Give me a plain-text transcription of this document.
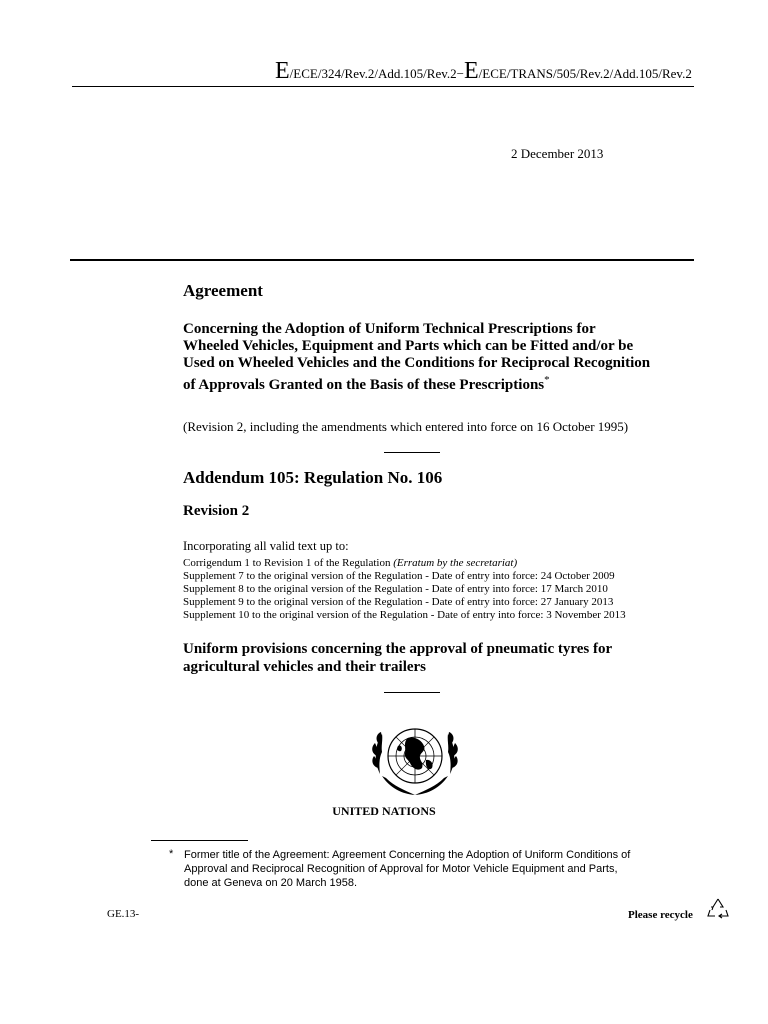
E/ECE/324/Rev.2/Add.105/Rev.2−E/ECE/TRANS/505/Rev.2/Add.105/Rev.2
2 December 2013
Agreement
Concerning the Adoption of Uniform Technical Prescriptions for Wheeled Vehicles, Equipment and Parts which can be Fitted and/or be Used on Wheeled Vehicles and the Conditions for Reciprocal Recognition of Approvals Granted on the Basis of these Prescriptions*
(Revision 2, including the amendments which entered into force on 16 October 1995)
Addendum 105: Regulation No. 106
Revision 2
Incorporating all valid text up to:
Corrigendum 1 to Revision 1 of the Regulation (Erratum by the secretariat)
Supplement 7 to the original version of the Regulation - Date of entry into force: 24 October 2009
Supplement 8 to the original version of the Regulation - Date of entry into force: 17 March 2010
Supplement 9 to the original version of the Regulation - Date of entry into force: 27 January 2013
Supplement 10 to the original version of the Regulation - Date of entry into force: 3 November 2013
Uniform provisions concerning the approval of pneumatic tyres for agricultural vehicles and their trailers
UNITED NATIONS
* Former title of the Agreement: Agreement Concerning the Adoption of Uniform Conditions of Approval and Reciprocal Recognition of Approval for Motor Vehicle Equipment and Parts, done at Geneva on 20 March 1958.
GE.13-	Please recycle
